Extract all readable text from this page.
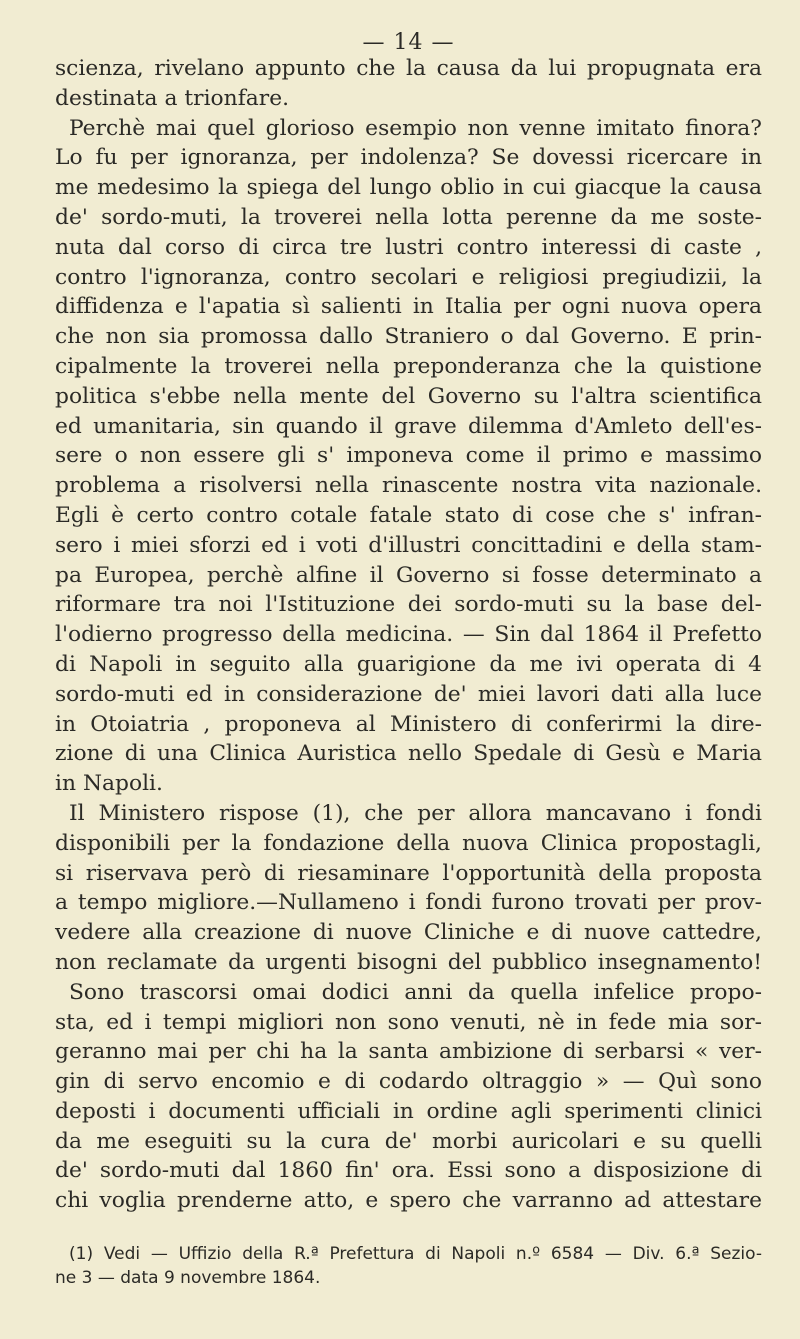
— 14 —
scienza, rivelano appunto che la causa da lui propugnata era
destinata a trionfare.
Perchè mai quel glorioso esempio non venne imitato finora?
Lo fu per ignoranza, per indolenza? Se dovessi ricercare in
me medesimo la spiega del lungo oblio in cui giacque la causa
de' sordo-muti, la troverei nella lotta perenne da me soste-
nuta dal corso di circa tre lustri contro interessi di caste ,
contro l'ignoranza, contro secolari e religiosi pregiudizii, la
diffidenza e l'apatia sì salienti in Italia per ogni nuova opera
che non sia promossa dallo Straniero o dal Governo. E prin-
cipalmente la troverei nella preponderanza che la quistione
politica s'ebbe nella mente del Governo su l'altra scientifica
ed umanitaria, sin quando il grave dilemma d'Amleto dell'es-
sere o non essere gli s' imponeva come il primo e massimo
problema a risolversi nella rinascente nostra vita nazionale.
Egli è certo contro cotale fatale stato di cose che s' infran-
sero i miei sforzi ed i voti d'illustri concittadini e della stam-
pa Europea, perchè alfine il Governo si fosse determinato a
riformare tra noi l'Istituzione dei sordo-muti su la base del-
l'odierno progresso della medicina. — Sin dal 1864 il Prefetto
di Napoli in seguito alla guarigione da me ivi operata di 4
sordo-muti ed in considerazione de' miei lavori dati alla luce
in Otoiatria , proponeva al Ministero di conferirmi la dire-
zione di una Clinica Auristica nello Spedale di Gesù e Maria
in Napoli.
Il Ministero rispose (1), che per allora mancavano i fondi
disponibili per la fondazione della nuova Clinica propostagli,
si riservava però di riesaminare l'opportunità della proposta
a tempo migliore.—Nullameno i fondi furono trovati per prov-
vedere alla creazione di nuove Cliniche e di nuove cattedre,
non reclamate da urgenti bisogni del pubblico insegnamento!
Sono trascorsi omai dodici anni da quella infelice propo-
sta, ed i tempi migliori non sono venuti, nè in fede mia sor-
geranno mai per chi ha la santa ambizione di serbarsi « ver-
gin di servo encomio e di codardo oltraggio » — Quì sono
deposti i documenti ufficiali in ordine agli sperimenti clinici
da me eseguiti su la cura de' morbi auricolari e su quelli
de' sordo-muti dal 1860 fin' ora. Essi sono a disposizione di
chi voglia prenderne atto, e spero che varranno ad attestare
(1) Vedi — Uffizio della R.ª Prefettura di Napoli n.º 6584 — Div. 6.ª Sezio-
ne 3 — data 9 novembre 1864.
